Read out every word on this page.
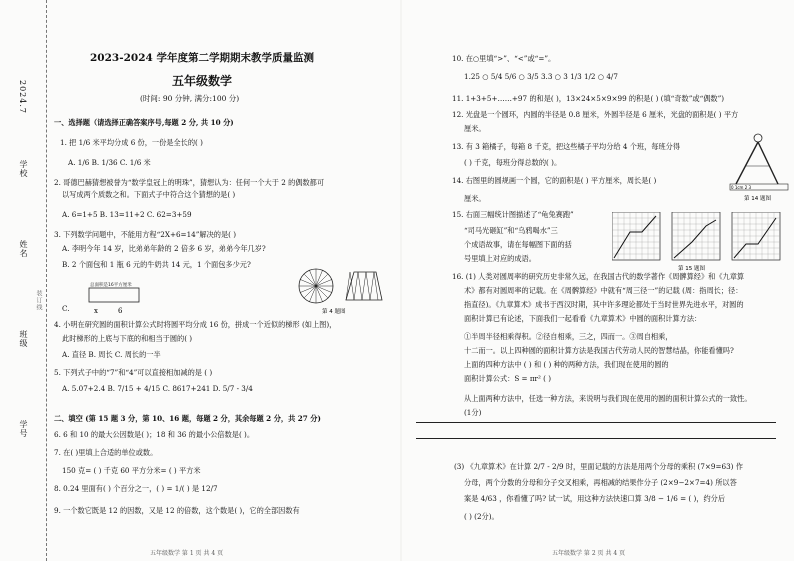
2024.7
学校
姓名
班级
学号
装订线
2023-2024 学年度第二学期期末教学质量监测
五年级数学
(时间: 90 分钟, 满分:100 分)
一、选择题（请选择正确答案序号,每题 2 分, 共 10 分)
1. 把 1/6 米平均分成 6 份，一份是全长的( )
A. 1/6 B. 1/36 C. 1/6 米
2. 哥德巴赫猜想被誉为“数学皇冠上的明珠”，猜想认为：任何一个大于 2 的偶数都可
以写成两个质数之和。下面式子中符合这个猜想的是( )
A. 6=1+5 B. 13=11+2 C. 62=3+59
3. 下列数学问题中，不能用方程“2X+6=14”解决的是( )
A. 李明今年 14 岁，比弟弟年龄的 2 倍多 6 岁，弟弟今年几岁?
B. 2 个面包和 1 瓶 6 元的牛奶共 14 元，1 个面包多少元?
C.
4. 小明在研究圆的面积计算公式时将圆平均分成 16 份，拼成一个近似的梯形 (如上图)，
此时梯形的上底与下底的和相当于圆的( )
A. 直径 B. 周长 C. 周长的一半
5. 下列式子中的“7”和“4”可以直接相加减的是 ( )
A. 5.07+2.4 B. 7/15 + 4/15 C. 8617+241 D. 5/7 - 3/4
二、填空 (第 15 题 3 分，第 10、16 题，每题 2 分，其余每题 2 分，共 27 分)
6. 6 和 10 的最大公因数是( )；18 和 36 的最小公倍数是( )。
7. 在( )里填上合适的单位或数。
150 克= ( ) 千克 60 平方分米= ( ) 平方米
8. 0.24 里面有( ) 个百分之一，( ) = 1/( ) 是 12/7
9. 一个数它既是 12 的因数，又是 12 的倍数，这个数是( )，它的全部因数有
总面积是16平方厘米
x	6	第 4 题图
五年级数学 第 1 页 共 4 页
10. 在○里填“>”、“<”或“=”。
1.25 ○ 5/4 5/6 ○ 3/5 3.3 ○ 3 1/3 1/2 ○ 4/7
11. 1+3+5+……+97 的和是( )，13×24×5×9×99 的积是( ) (填“奇数”或“偶数”)
12. 光盘是一个圆环，内圆的半径是 0.8 厘米，外圆半径是 6 厘米，光盘的面积是( ) 平方
厘米。
13. 有 3 箱橘子，每箱 8 千克，把这些橘子平均分给 4 个班，每班分得
( ) 千克，每班分得总数的( )。
14. 右图里的圆规画一个圆，它的面积是( ) 平方厘米，周长是( )
厘米。
15. 右面三幅统计图描述了“龟兔赛跑”
“司马光砸缸”和“乌鸦喝水”三
个成语故事，请在每幅图下面的括
号里填上对应的成语。
16. (1) 人类对圆周率的研究历史非常久远，在我国古代的数学著作《周髀算经》和《九章算
术》都有对圆周率的记载。在《周髀算经》中就有“周三径一”的记载 (周：指周长；径：
指直径)。《九章算术》成书于西汉时期，其中许多理论都处于当时世界先进水平，对圆的
面积计算已有论述，下面我们一起看看《九章算术》中圆的面积计算方法：
①半周半径相乘得积。②径自相乘，三之，四而一。③周自相乘，
十二而一。以上四种圆的面积计算方法是我国古代劳动人民的智慧结晶，你能看懂吗?
上面的四种方法中 ( ) 和 ( ) 种的两种方法，我们现在使用的圆的
面积计算公式：S = πr² ( )
从上面两种方法中，任选一种方法，来说明与我们现在使用的圆的面积计算公式的一致性。
(1分)
(3) 《九章算术》在计算 2/7 - 2/9 时，里面记载的方法是用两个分母的乘积 (7×9=63) 作
分母，两个分数的分母和分子交叉相乘，再相减的结果作分子 (2×9−2×7=4) 所以答
案是 4/63 ，你看懂了吗? 试一试，用这种方法快速口算 3/8 − 1/6 = ( )，约分后
( ) (2分)。
0 1cm 2 3
第 14 题图
第 15 题图
五年级数学 第 2 页 共 4 页
